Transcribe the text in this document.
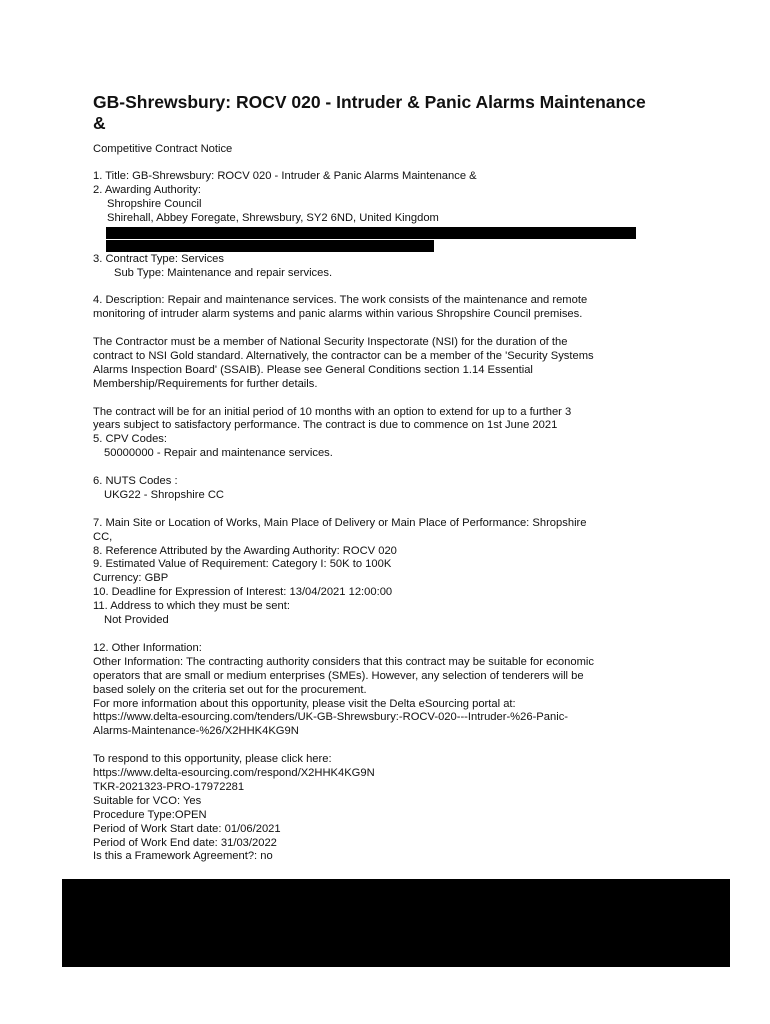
GB-Shrewsbury: ROCV 020 - Intruder & Panic Alarms Maintenance &
Competitive Contract Notice

1. Title: GB-Shrewsbury: ROCV 020 - Intruder & Panic Alarms Maintenance &

2. Awarding Authority:

Shropshire Council

Shirehall, Abbey Foregate, Shrewsbury, SY2 6ND, United Kingdom

3. Contract Type: Services

Sub Type: Maintenance and repair services.

4. Description: Repair and maintenance services. The work consists of the maintenance and remote

monitoring of intruder alarm systems and panic alarms within various Shropshire Council premises.

The Contractor must be a member of National Security Inspectorate (NSI) for the duration of the

contract to NSI Gold standard. Alternatively, the contractor can be a member of the 'Security Systems

Alarms Inspection Board' (SSAIB). Please see General Conditions section 1.14 Essential

Membership/Requirements for further details.

The contract will be for an initial period of 10 months with an option to extend for up to a further 3

years subject to satisfactory performance. The contract is due to commence on 1st June 2021

5. CPV Codes:

50000000 - Repair and maintenance services.

6. NUTS Codes :

UKG22 - Shropshire CC

7. Main Site or Location of Works, Main Place of Delivery or Main Place of Performance: Shropshire

CC,

8. Reference Attributed by the Awarding Authority: ROCV 020

9. Estimated Value of Requirement: Category I: 50K to 100K

Currency: GBP

10. Deadline for Expression of Interest: 13/04/2021 12:00:00

11. Address to which they must be sent:

Not Provided

12. Other Information:

Other Information: The contracting authority considers that this contract may be suitable for economic

operators that are small or medium enterprises (SMEs). However, any selection of tenderers will be

based solely on the criteria set out for the procurement.

For more information about this opportunity, please visit the Delta eSourcing portal at:

https://www.delta-esourcing.com/tenders/UK-GB-Shrewsbury:-ROCV-020---Intruder-%26-Panic-

Alarms-Maintenance-%26/X2HHK4KG9N

To respond to this opportunity, please click here:

https://www.delta-esourcing.com/respond/X2HHK4KG9N

TKR-2021323-PRO-17972281

Suitable for VCO: Yes

Procedure Type:OPEN

Period of Work Start date: 01/06/2021

Period of Work End date: 31/03/2022

Is this a Framework Agreement?: no
